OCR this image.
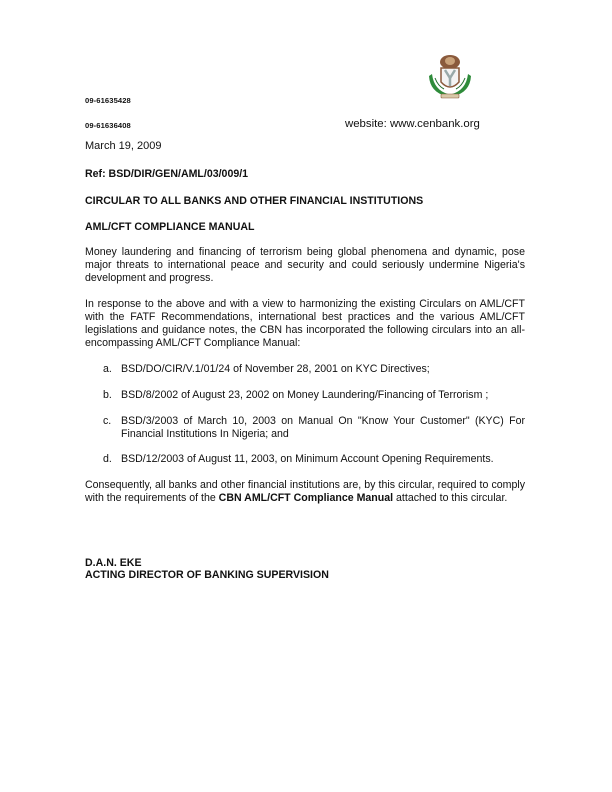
09-61635428
09-61636408	website: www.cenbank.org
March 19, 2009
Ref: BSD/DIR/GEN/AML/03/009/1
CIRCULAR TO ALL BANKS AND OTHER FINANCIAL INSTITUTIONS
AML/CFT COMPLIANCE MANUAL
Money laundering and financing of terrorism being global phenomena and dynamic, pose major threats to international peace and security and could seriously undermine Nigeria's development and progress.
In response to the above and with a view to harmonizing the existing Circulars on AML/CFT with the FATF Recommendations, international best practices and the various AML/CFT legislations and guidance notes, the CBN has incorporated the following circulars into an all-encompassing AML/CFT Compliance Manual:
a. BSD/DO/CIR/V.1/01/24 of November 28, 2001 on KYC Directives;
b. BSD/8/2002 of August 23, 2002 on Money Laundering/Financing of Terrorism ;
c. BSD/3/2003 of March 10, 2003 on Manual On "Know Your Customer" (KYC) For Financial Institutions In Nigeria; and
d. BSD/12/2003 of August 11, 2003, on Minimum Account Opening Requirements.
Consequently, all banks and other financial institutions are, by this circular, required to comply with the requirements of the CBN AML/CFT Compliance Manual attached to this circular.
D.A.N. EKE
ACTING DIRECTOR OF BANKING SUPERVISION
